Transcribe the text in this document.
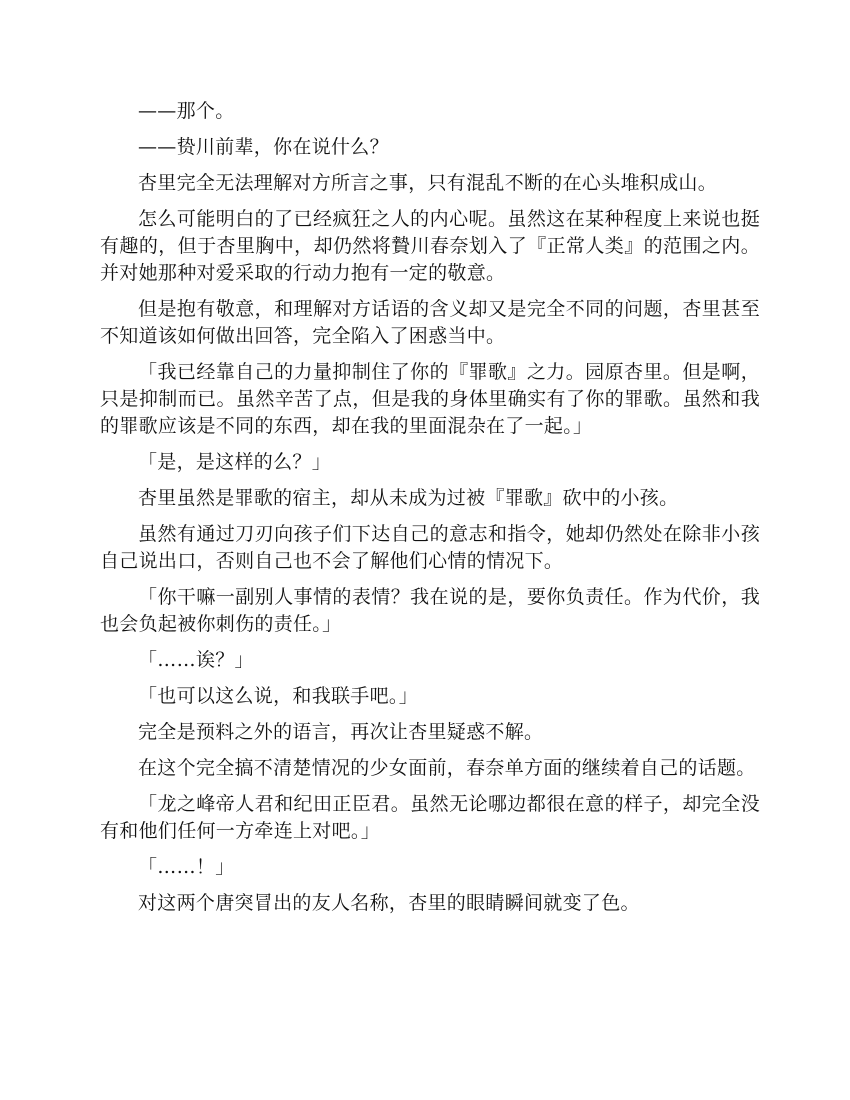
——那个。

——贽川前辈，你在说什么？

杏里完全无法理解对方所言之事，只有混乱不断的在心头堆积成山。

怎么可能明白的了已经疯狂之人的内心呢。虽然这在某种程度上来说也挺有趣的，但于杏里胸中，却仍然将贄川春奈划入了『正常人类』的范围之内。并对她那种对爱采取的行动力抱有一定的敬意。

但是抱有敬意，和理解对方话语的含义却又是完全不同的问题，杏里甚至不知道该如何做出回答，完全陷入了困惑当中。

「我已经靠自己的力量抑制住了你的『罪歌』之力。园原杏里。但是啊，只是抑制而已。虽然辛苦了点，但是我的身体里确实有了你的罪歌。虽然和我的罪歌应该是不同的东西，却在我的里面混杂在了一起。」

「是，是这样的么？」

杏里虽然是罪歌的宿主，却从未成为过被『罪歌』砍中的小孩。

虽然有通过刀刃向孩子们下达自己的意志和指令，她却仍然处在除非小孩自己说出口，否则自己也不会了解他们心情的情况下。

「你干嘛一副别人事情的表情？我在说的是，要你负责任。作为代价，我也会负起被你刺伤的责任。」

「……诶？」

「也可以这么说，和我联手吧。」

完全是预料之外的语言，再次让杏里疑惑不解。

在这个完全搞不清楚情况的少女面前，春奈单方面的继续着自己的话题。

「龙之峰帝人君和纪田正臣君。虽然无论哪边都很在意的样子，却完全没有和他们任何一方牵连上对吧。」

「……！」

对这两个唐突冒出的友人名称，杏里的眼睛瞬间就变了色。
